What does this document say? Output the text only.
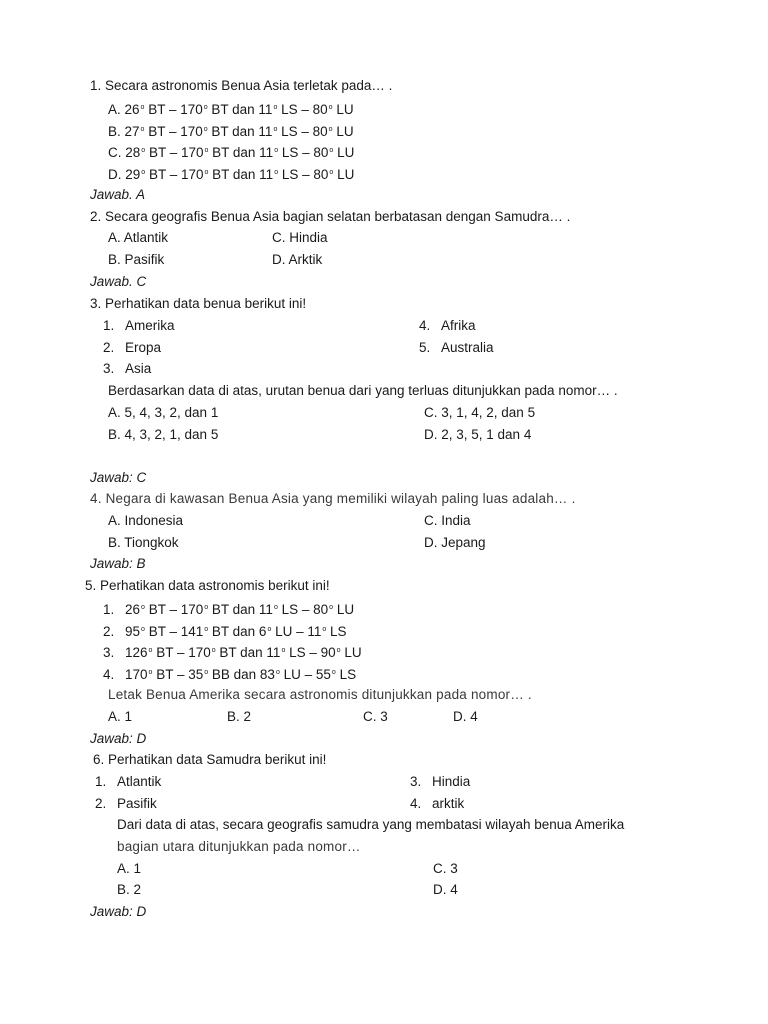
1. Secara astronomis Benua Asia terletak pada… .
A. 26$^o$ BT – 170$^o$ BT dan 11$^o$ LS – 80$^o$ LU
B. 27$^o$ BT – 170$^o$ BT dan 11$^o$ LS – 80$^o$ LU
C. 28$^o$ BT – 170$^o$ BT dan 11$^o$ LS – 80$^o$ LU
D. 29$^o$ BT – 170$^o$ BT dan 11$^o$ LS – 80$^o$ LU
Jawab. A
2. Secara geografis Benua Asia bagian selatan berbatasan dengan Samudra… .
A. Atlantik	C. Hindia
B. Pasifik	D. Arktik
Jawab. C
3. Perhatikan data benua berikut ini!
1. Amerika
2. Eropa
3. Asia
4. Afrika
5. Australia
Berdasarkan data di atas, urutan benua dari yang terluas ditunjukkan pada nomor… .
A. 5, 4, 3, 2, dan 1	C. 3, 1, 4, 2, dan 5
B. 4, 3, 2, 1, dan 5	D. 2, 3, 5, 1 dan 4
Jawab: C
4. Negara di kawasan Benua Asia yang memiliki wilayah paling luas adalah… .
A. Indonesia	C. India
B. Tiongkok	D. Jepang
Jawab: B
5. Perhatikan data astronomis berikut ini!
1. 26$^o$ BT – 170$^o$ BT dan 11$^o$ LS – 80$^o$ LU
2. 95$^o$ BT – 141$^o$ BT dan 6$^o$ LU – 11$^o$ LS
3. 126$^o$ BT – 170$^o$ BT dan 11$^o$ LS – 90$^o$ LU
4. 170$^o$ BT – 35$^o$ BB dan 83$^o$ LU – 55$^o$ LS
Letak Benua Amerika secara astronomis ditunjukkan pada nomor… .
A. 1	B. 2	C. 3	D. 4
Jawab: D
6. Perhatikan data Samudra berikut ini!
1. Atlantik
2. Pasifik
3. Hindia
4. arktik
Dari data di atas, secara geografis samudra yang membatasi wilayah benua Amerika
bagian utara ditunjukkan pada nomor…
A. 1	C. 3
B. 2	D. 4
Jawab: D
